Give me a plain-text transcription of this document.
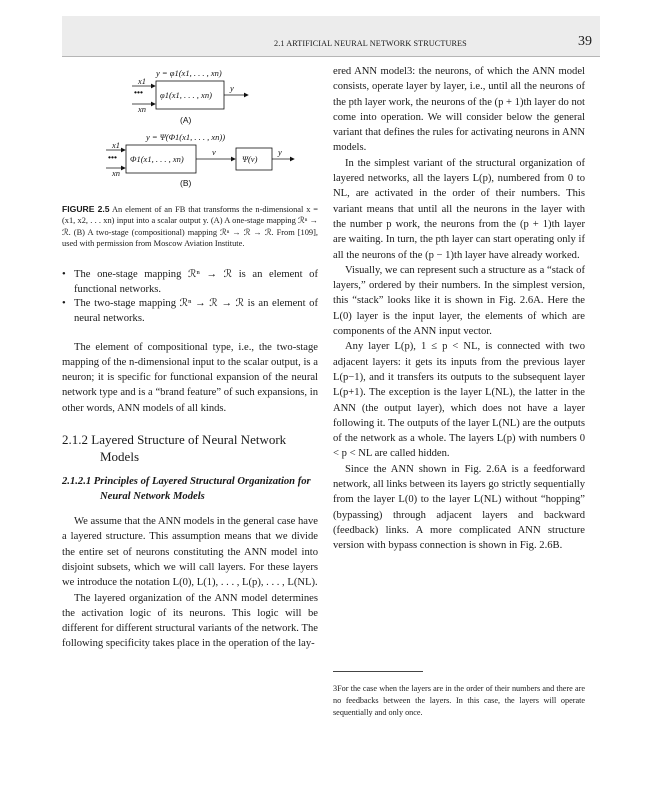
2.1 ARTIFICIAL NEURAL NETWORK STRUCTURES	39
y = φ1(x1, . . . , xn)
x1
•••
xn
φ1(x1, . . . , xn)
y
(A)
y = Ψ(Φ1(x1, . . . , xn))
x1
•••
xn
Φ1(x1, . . . , xn)
v
Ψ(v)
y
(B)
FIGURE 2.5 An element of an FB that transforms the n-dimensional x = (x1, x2, . . . xn) input into a scalar output y. (A) A one-stage mapping ℛⁿ → ℛ. (B) A two-stage (compositional) mapping ℛⁿ → ℛ → ℛ. From [109], used with permission from Moscow Aviation Institute.
• The one-stage mapping ℛⁿ → ℛ is an element of functional networks.
• The two-stage mapping ℛⁿ → ℛ → ℛ is an element of neural networks.

The element of compositional type, i.e., the two-stage mapping of the n-dimensional input to the scalar output, is a neuron; it is specific for functional expansion of the neural network type and is a “brand feature” of such expansions, in other words, ANN models of all kinds.

2.1.2 Layered Structure of Neural Network Models
2.1.2.1 Principles of Layered Structural Organization for Neural Network Models

We assume that the ANN models in the general case have a layered structure. This assumption means that we divide the entire set of neurons constituting the ANN model into disjoint subsets, which we will call layers. For these layers we introduce the notation L(0), L(1), . . . , L(p), . . . , L(NL).

The layered organization of the ANN model determines the activation logic of its neurons. This logic will be different for different structural variants of the network. The following specificity takes place in the operation of the lay-

ered ANN model3: the neurons, of which the ANN model consists, operate layer by layer, i.e., until all the neurons of the pth layer work, the neurons of the (p + 1)th layer do not come into operation. We will consider below the general variant that defines the rules for activating neurons in ANN models.

In the simplest variant of the structural organization of layered networks, all the layers L(p), numbered from 0 to NL, are activated in the order of their numbers. This variant means that until all the neurons in the layer with the number p work, the neurons from the (p + 1)th layer are waiting. In turn, the pth layer can start operating only if all the neurons of the (p − 1)th layer have already worked.

Visually, we can represent such a structure as a “stack of layers,” ordered by their numbers. In the simplest version, this “stack” looks like it is shown in Fig. 2.6A. Here the L(0) layer is the input layer, the elements of which are components of the ANN input vector.

Any layer L(p), 1 ≤ p < NL, is connected with two adjacent layers: it gets its inputs from the previous layer L(p−1), and it transfers its outputs to the subsequent layer L(p+1). The exception is the layer L(NL), the latter in the ANN (the output layer), which does not have a layer following it. The outputs of the layer L(NL) are the outputs of the network as a whole. The layers L(p) with numbers 0 < p < NL are called hidden.

Since the ANN shown in Fig. 2.6A is a feedforward network, all links between its layers go strictly sequentially from the layer L(0) to the layer L(NL) without “hopping” (bypassing) through adjacent layers and backward (feedback) links. A more complicated ANN structure version with bypass connection is shown in Fig. 2.6B.

3For the case when the layers are in the order of their numbers and there are no feedbacks between the layers. In this case, the layers will operate sequentially and only once.
